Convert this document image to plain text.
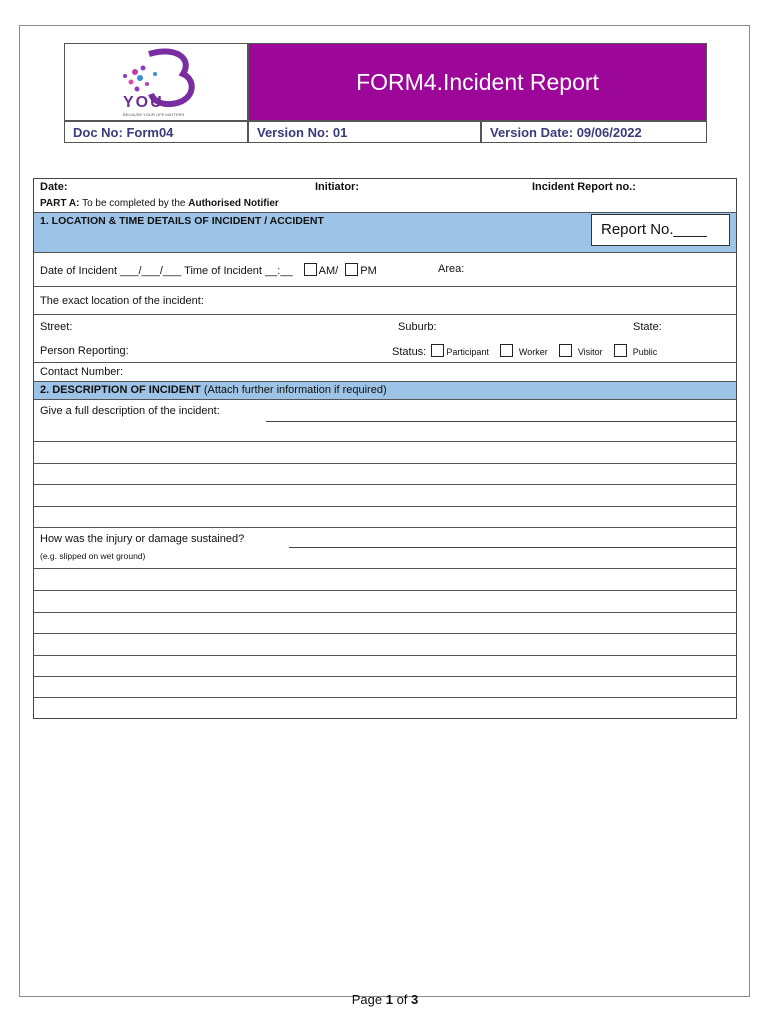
YOU
BECAUSE YOUR LIFE MATTERS
FORM4.Incident Report
Doc No: Form04	Version No: 01	Version Date: 09/06/2022
Date:	Initiator:	Incident Report no.:
PART A: To be completed by the Authorised Notifier
1. LOCATION & TIME DETAILS OF INCIDENT / ACCIDENT	Report No.____
Date of Incident ___/___/___ Time of Incident __:__ AM/ PM	Area:
The exact location of the incident:
Street:	Suburb:	State:
Person Reporting:	Status: Participant	Worker	Visitor	Public
Contact Number:
2. DESCRIPTION OF INCIDENT (Attach further information if required)
Give a full description of the incident:
How was the injury or damage sustained?
(e.g. slipped on wet ground)
Page 1 of 3
